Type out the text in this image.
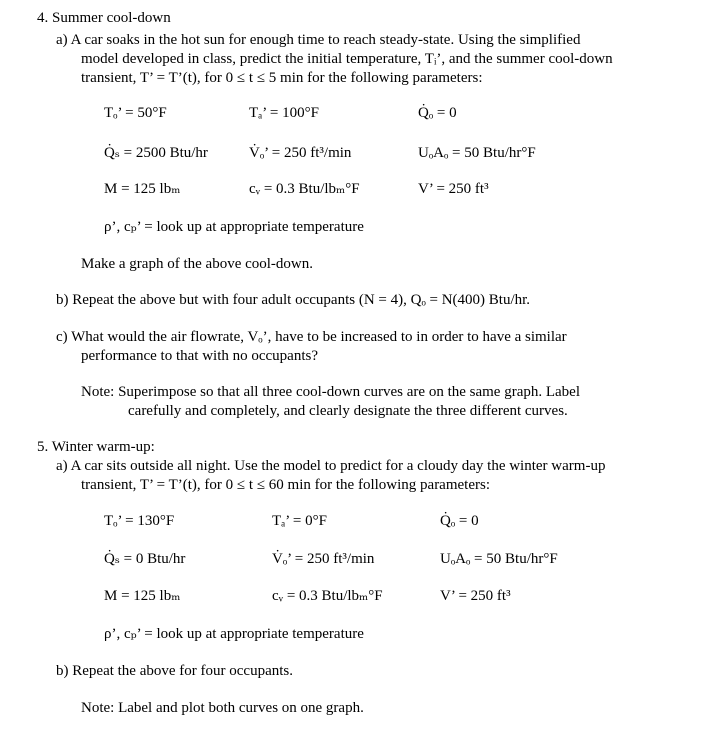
4. Summer cool-down
a) A car soaks in the hot sun for enough time to reach steady-state. Using the simplified
model developed in class, predict the initial temperature, Tᵢ’, and the summer cool-down
transient, T’ = T’(t), for 0 ≤ t ≤ 5 min for the following parameters:
Tₒ’ = 50°F	Tₐ’ = 100°F	Q̇ₒ = 0
Q̇ₛ = 2500 Btu/hr	V̇ₒ’ = 250 ft³/min	UₒAₒ = 50 Btu/hr°F
M = 125 lbₘ	cᵥ = 0.3 Btu/lbₘ°F	V’ = 250 ft³
ρ’, cₚ’ = look up at appropriate temperature
Make a graph of the above cool-down.
b) Repeat the above but with four adult occupants (N = 4), Qₒ = N(400) Btu/hr.
c) What would the air flowrate, Vₒ’, have to be increased to in order to have a similar
performance to that with no occupants?
Note: Superimpose so that all three cool-down curves are on the same graph. Label
carefully and completely, and clearly designate the three different curves.
5. Winter warm-up:
a) A car sits outside all night. Use the model to predict for a cloudy day the winter warm-up
transient, T’ = T’(t), for 0 ≤ t ≤ 60 min for the following parameters:
Tₒ’ = 130°F	Tₐ’ = 0°F	Q̇ₒ = 0
Q̇ₛ = 0 Btu/hr	V̇ₒ’ = 250 ft³/min	UₒAₒ = 50 Btu/hr°F
M = 125 lbₘ	cᵥ = 0.3 Btu/lbₘ°F	V’ = 250 ft³
ρ’, cₚ’ = look up at appropriate temperature
b) Repeat the above for four occupants.
Note: Label and plot both curves on one graph.
